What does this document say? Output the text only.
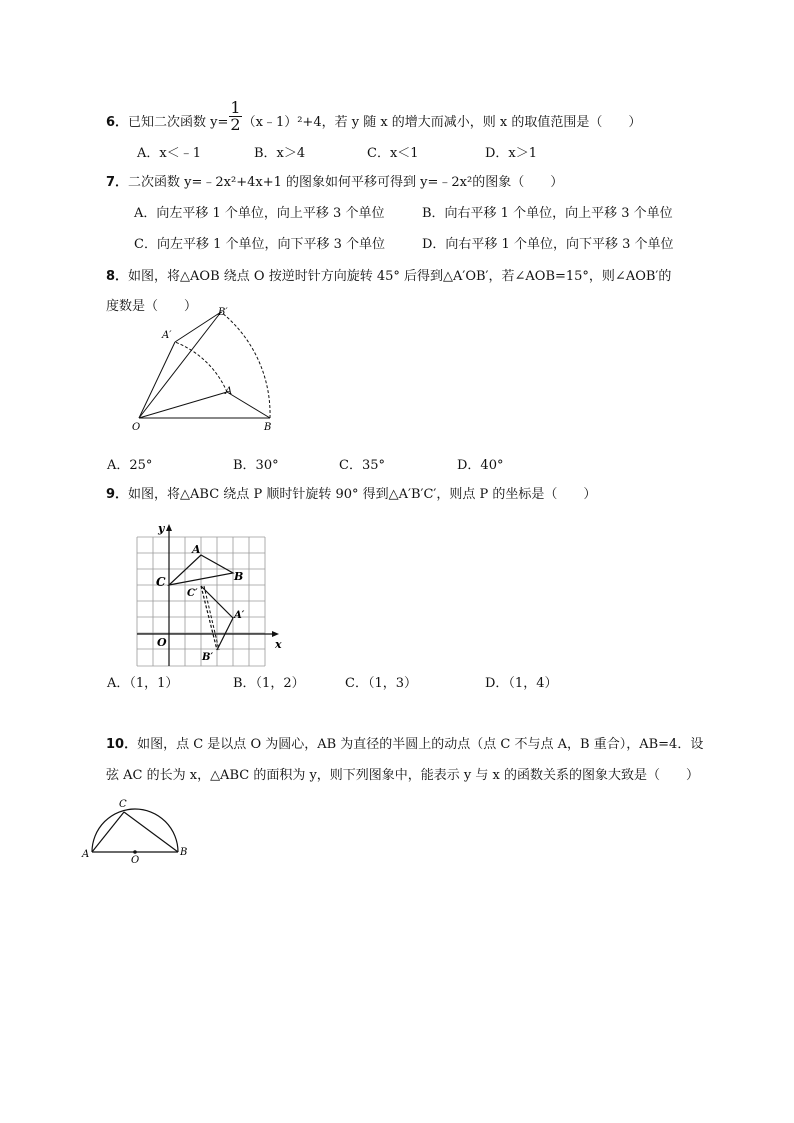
6．已知二次函数 $y= \frac{1}{2}$ （x﹣1）²+4，若 y 随 x 的增大而减小，则 x 的取值范围是（　　）
A．x＜﹣1	B．x＞4	C．x＜1	D．x＞1
7．二次函数 y=﹣2x²+4x+1 的图象如何平移可得到 y=﹣2x²的图象（　　）
A．向左平移 1 个单位，向上平移 3 个单位	B．向右平移 1 个单位，向上平移 3 个单位
C．向左平移 1 个单位，向下平移 3 个单位	D．向右平移 1 个单位，向下平移 3 个单位
8．如图，将△AOB 绕点 O 按逆时针方向旋转 45° 后得到△A′OB′，若∠AOB=15°，则∠AOB′的
度数是（　　）
A′
B′
A
O	B
A．25°	B．30°	C．35°	D．40°
9．如图，将△ABC 绕点 P 顺时针旋转 90° 得到△A′B′C′，则点 P 的坐标是（　　）
y
x
O
A
B
C
C′
A′
B′
A．（1，1）	B．（1，2）	C．（1，3）	D．（1，4）
10．如图，点 C 是以点 O 为圆心，AB 为直径的半圆上的动点（点 C 不与点 A，B 重合），AB=4．设
弦 AC 的长为 x，△ABC 的面积为 y，则下列图象中，能表示 y 与 x 的函数关系的图象大致是（　　）
C
A
O
B
